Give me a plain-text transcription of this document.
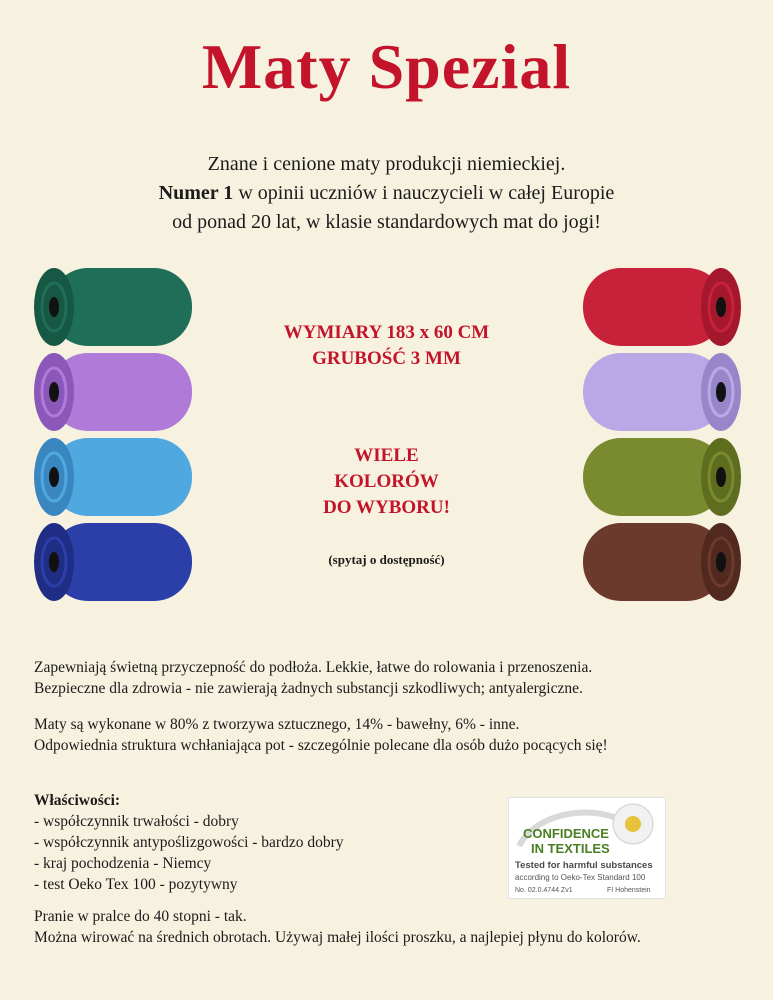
Maty Spezial
Znane i cenione maty produkcji niemieckiej.
Numer 1 w opinii uczniów i nauczycieli w całej Europie
od ponad 20 lat, w klasie standardowych mat do jogi!
WYMIARY 183 x 60 CM
GRUBOŚĆ 3 MM
WIELE
KOLORÓW
DO WYBORU!
(spytaj o dostępność)
Zapewniają świetną przyczepność do podłoża. Lekkie, łatwe do rolowania i przenoszenia.
Bezpieczne dla zdrowia - nie zawierają żadnych substancji szkodliwych; antyalergiczne.
Maty są wykonane w 80% z tworzywa sztucznego, 14% - bawełny, 6% - inne.
Odpowiednia struktura wchłaniająca pot - szczególnie polecane dla osób dużo pocących się!
Właściwości:
- współczynnik trwałości - dobry
- współczynnik antypoślizgowości - bardzo dobry
- kraj pochodzenia - Niemcy
- test Oeko Tex 100 - pozytywny
CONFIDENCE
IN TEXTILES
Tested for harmful substances
according to Oeko-Tex Standard 100
No. 02.0.4744 Zv1	FI Hohenstein
Pranie w pralce do 40 stopni - tak.
Można wirować na średnich obrotach. Używaj małej ilości proszku, a najlepiej płynu do kolorów.
